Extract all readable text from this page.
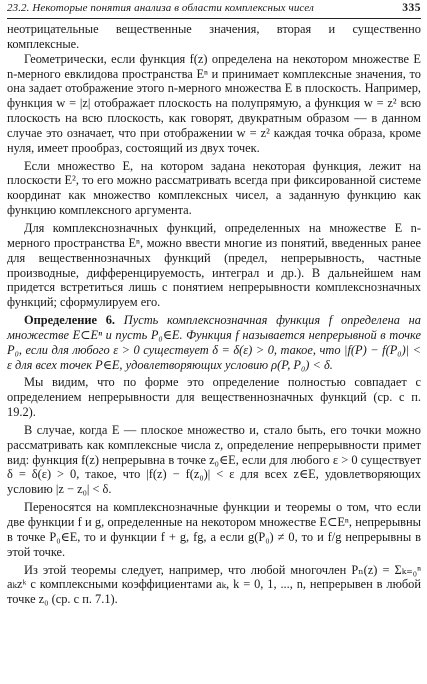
23.2. Некоторые понятия анализа в области комплексных чисел	335

неотрицательные вещественные значения, вторая и существенно комплексные.

Геометрически, если функция f(z) определена на некотором множестве E n-мерного евклидова пространства Eⁿ и принимает комплексные значения, то она задает отображение этого n-мерного множества E в плоскость. Например, функция w = |z| отображает плоскость на полупрямую, а функция w = z² всю плоскость на всю плоскость, как говорят, двукратным образом — в данном случае это означает, что при отображении w = z² каждая точка образа, кроме нуля, имеет прообраз, состоящий из двух точек.

Если множество E, на котором задана некоторая функция, лежит на плоскости E², то его можно рассматривать всегда при фиксированной системе координат как множество комплексных чисел, а заданную функцию как функцию комплексного аргумента.

Для комплекснозначных функций, определенных на множестве E n-мерного пространства Eⁿ, можно ввести многие из понятий, введенных ранее для вещественнозначных функций (предел, непрерывность, частные производные, дифференцируемость, интеграл и др.). В дальнейшем нам придется встретиться лишь с понятием непрерывности комплекснозначных функций; сформулируем его.

Определение 6. Пусть комплекснозначная функция f определена на множестве E⊂Eⁿ и пусть P₀∈E. Функция f называется непрерывной в точке P₀, если для любого ε > 0 существует δ = δ(ε) > 0, такое, что |f(P) − f(P₀)| < ε для всех точек P∈E, удовлетворяющих условию ρ(P, P₀) < δ.

Мы видим, что по форме это определение полностью совпадает с определением непрерывности для вещественнозначных функций (ср. с п. 19.2).

В случае, когда E — плоское множество и, стало быть, его точки можно рассматривать как комплексные числа z, определение непрерывности примет вид: функция f(z) непрерывна в точке z₀∈E, если для любого ε > 0 существует δ = δ(ε) > 0, такое, что |f(z) − f(z₀)| < ε для всех z∈E, удовлетворяющих условию |z − z₀| < δ.

Переносятся на комплекснозначные функции и теоремы о том, что если две функции f и g, определенные на некотором множестве E⊂Eⁿ, непрерывны в точке P₀∈E, то и функции f + g, fg, а если g(P₀) ≠ 0, то и f/g непрерывны в этой точке.

Из этой теоремы следует, например, что любой многочлен Pₙ(z) = Σₖ₌₀ⁿ aₖzᵏ с комплексными коэффициентами aₖ, k = 0, 1, ..., n, непрерывен в любой точке z₀ (ср. с п. 7.1).
